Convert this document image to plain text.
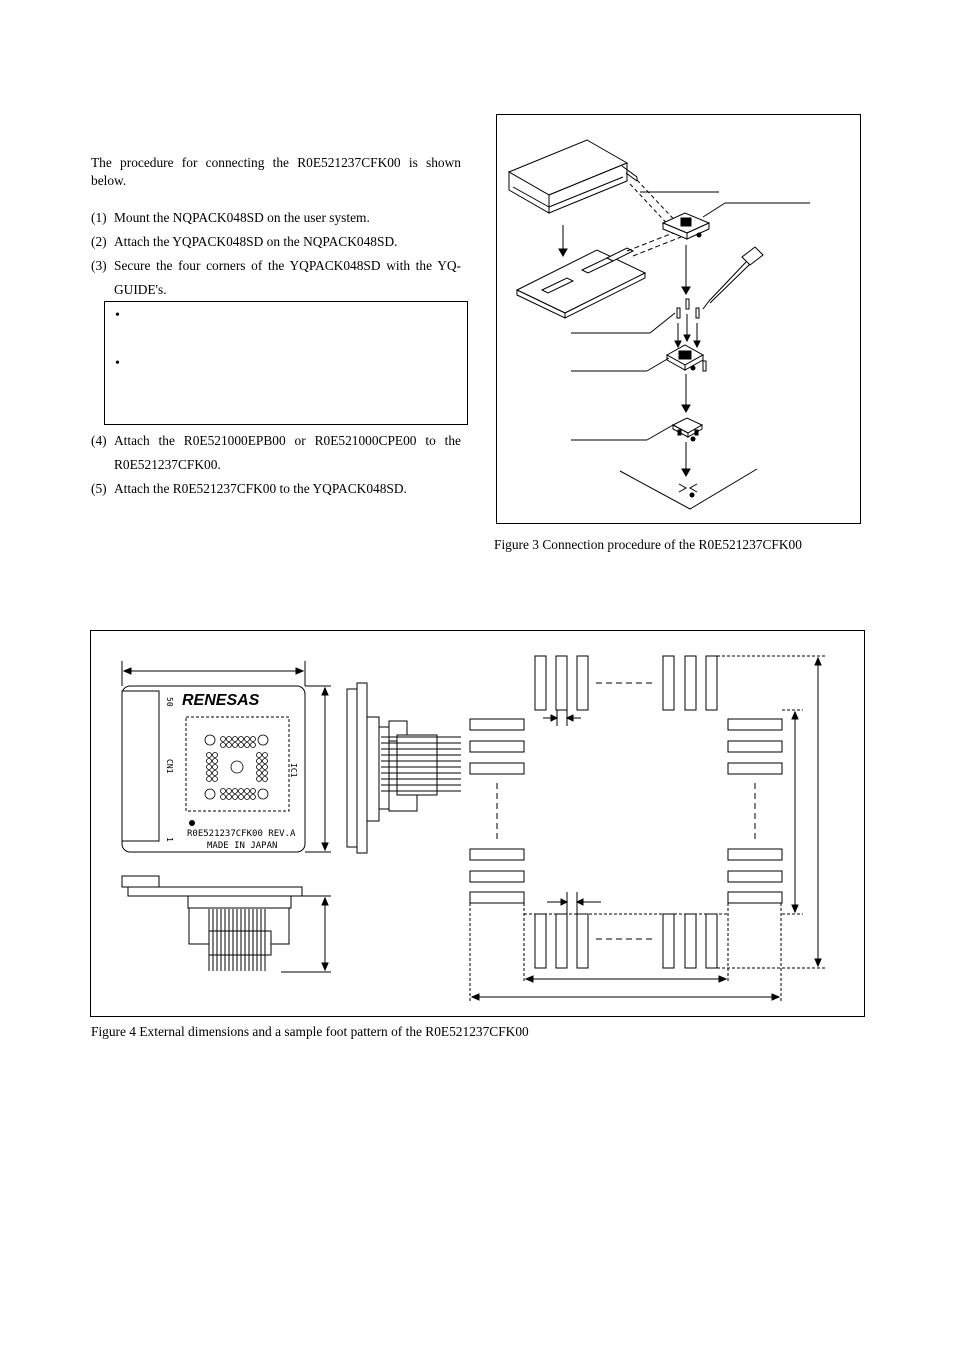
The procedure for connecting the R0E521237CFK00 is shown below.
(1) Mount the NQPACK048SD on the user system.
(2) Attach the YQPACK048SD on the NQPACK048SD.
(3) Secure the four corners of the YQPACK048SD with the YQ-GUIDE's.
•
•
(4) Attach the R0E521000EPB00 or R0E521000CPE00 to the R0E521237CFK00.
(5) Attach the R0E521237CFK00 to the YQPACK048SD.
Figure 3 Connection procedure of the R0E521237CFK00
RENESAS
50
CN1	IC1
1
R0E521237CFK00 REV.A
MADE IN JAPAN
Figure 4 External dimensions and a sample foot pattern of the R0E521237CFK00
